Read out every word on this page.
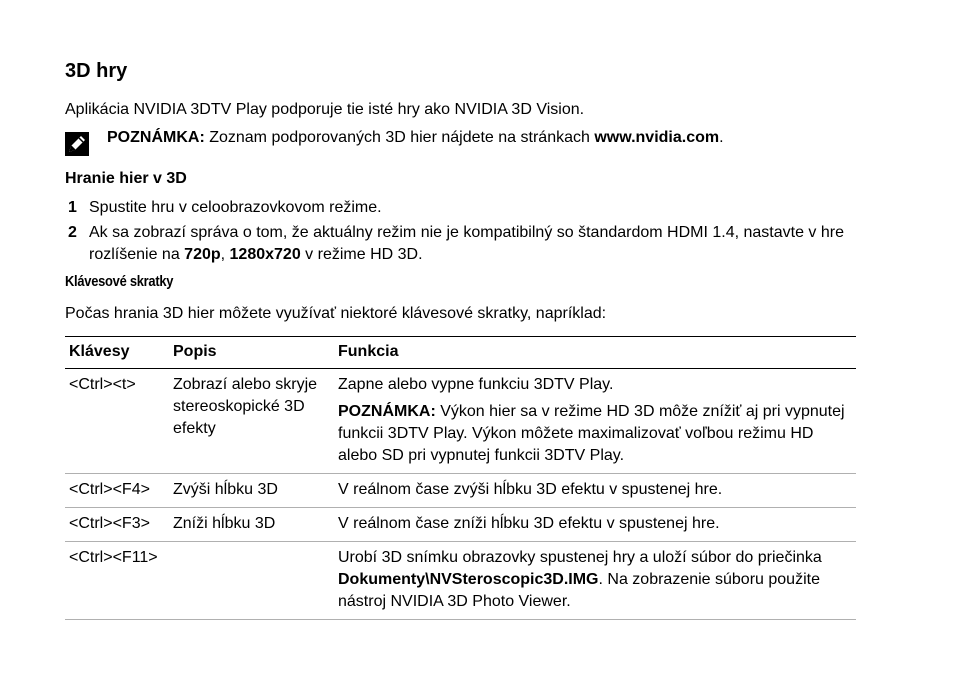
3D hry

Aplikácia NVIDIA 3DTV Play podporuje tie isté hry ako NVIDIA 3D Vision.

POZNÁMKA: Zoznam podporovaných 3D hier nájdete na stránkach www.nvidia.com.
Hranie hier v 3D
1 Spustite hru v celoobrazovkovom režime.
2 Ak sa zobrazí správa o tom, že aktuálny režim nie je kompatibilný so štandardom HDMI 1.4, nastavte v hre rozlíšenie na 720p, 1280x720 v režime HD 3D.
Klávesové skratky

Počas hrania 3D hier môžete využívať niektoré klávesové skratky, napríklad:

Klávesy	Popis	Funkcia
<Ctrl><t>	Zobrazí alebo skryje stereoskopické 3D efekty	Zapne alebo vypne funkciu 3DTV Play.
POZNÁMKA: Výkon hier sa v režime HD 3D môže znížiť aj pri vypnutej funkcii 3DTV Play. Výkon môžete maximalizovať voľbou režimu HD alebo SD pri vypnutej funkcii 3DTV Play.

<Ctrl><F4>	Zvýši hĺbku 3D	V reálnom čase zvýši hĺbku 3D efektu v spustenej hre.
<Ctrl><F3>	Zníži hĺbku 3D	V reálnom čase zníži hĺbku 3D efektu v spustenej hre.
<Ctrl><F11>		Urobí 3D snímku obrazovky spustenej hry a uloží súbor do priečinka Dokumenty\NVSteroscopic3D.IMG. Na zobrazenie súboru použite nástroj NVIDIA 3D Photo Viewer.
